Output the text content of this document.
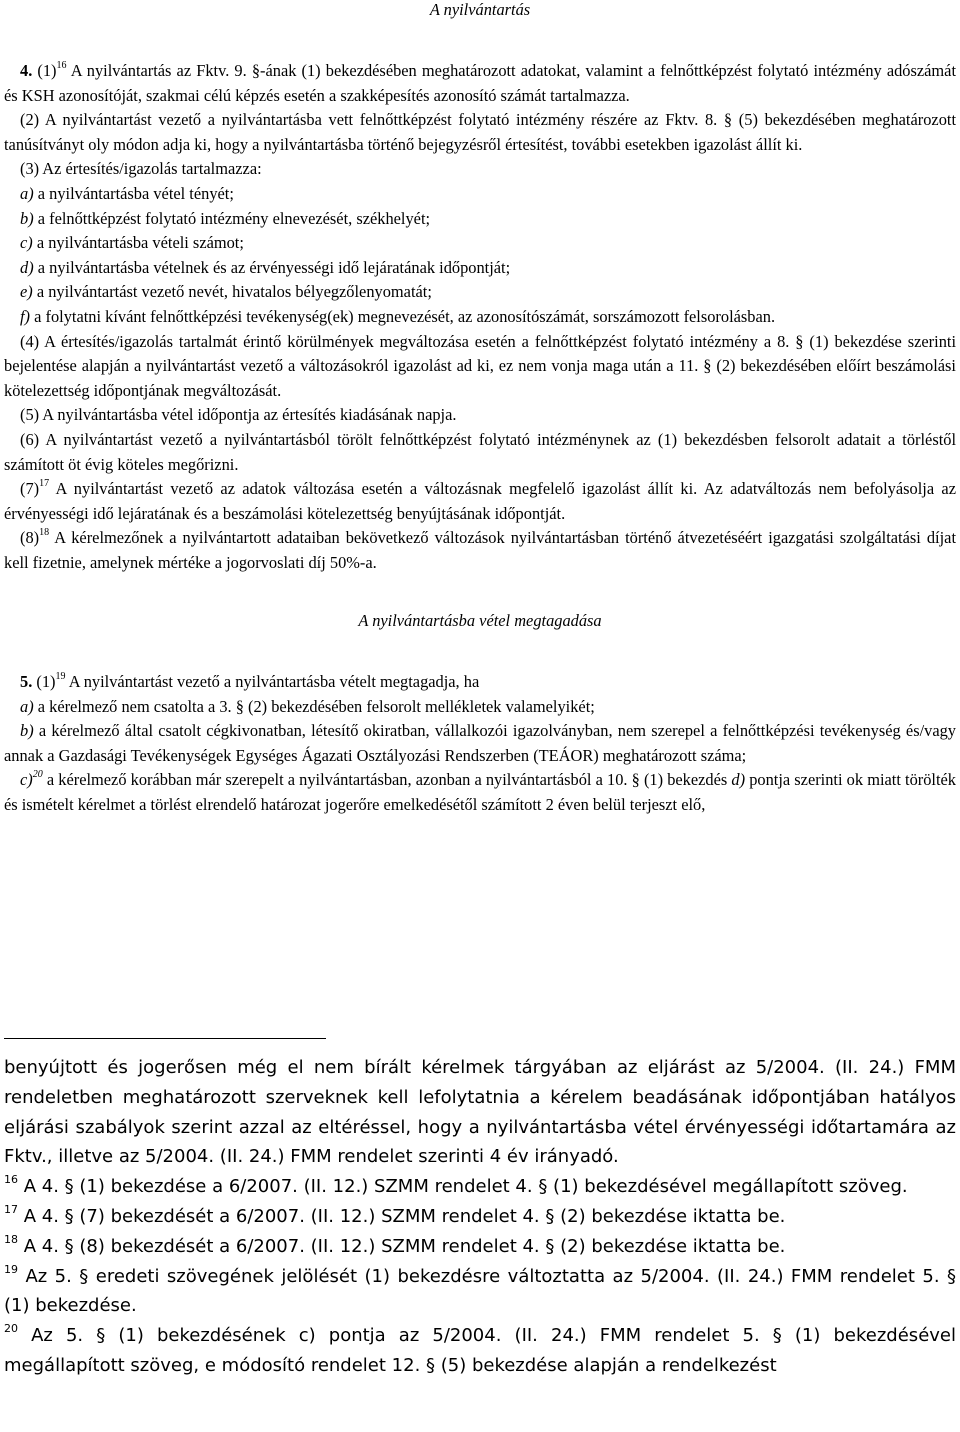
A nyilvántartás

4. $(1)^{16}$ A nyilvántartás az Fktv. 9. §-ának (1) bekezdésében meghatározott adatokat, valamint a felnőttképzést folytató intézmény adószámát és KSH azonosítóját, szakmai célú képzés esetén a szakképesítés azonosító számát tartalmazza.

(2) A nyilvántartást vezető a nyilvántartásba vett felnőttképzést folytató intézmény részére az Fktv. 8. § (5) bekezdésében meghatározott tanúsítványt oly módon adja ki, hogy a nyilvántartásba történő bejegyzésről értesítést, további esetekben igazolást állít ki.

(3) Az értesítés/igazolás tartalmazza:

a) a nyilvántartásba vétel tényét;

b) a felnőttképzést folytató intézmény elnevezését, székhelyét;

c) a nyilvántartásba vételi számot;

d) a nyilvántartásba vételnek és az érvényességi idő lejáratának időpontját;

e) a nyilvántartást vezető nevét, hivatalos bélyegzőlenyomatát;

f) a folytatni kívánt felnőttképzési tevékenység(ek) megnevezését, az azonosítószámát, sorszámozott felsorolásban.

(4) A értesítés/igazolás tartalmát érintő körülmények megváltozása esetén a felnőttképzést folytató intézmény a 8. § (1) bekezdése szerinti bejelentése alapján a nyilvántartást vezető a változásokról igazolást ad ki, ez nem vonja maga után a 11. § (2) bekezdésében előírt beszámolási kötelezettség időpontjának megváltozását.

(5) A nyilvántartásba vétel időpontja az értesítés kiadásának napja.

(6) A nyilvántartást vezető a nyilvántartásból törölt felnőttképzést folytató intézménynek az (1) bekezdésben felsorolt adatait a törléstől számított öt évig köteles megőrizni.

$(7)^{17}$ A nyilvántartást vezető az adatok változása esetén a változásnak megfelelő igazolást állít ki. Az adatváltozás nem befolyásolja az érvényességi idő lejáratának és a beszámolási kötelezettség benyújtásának időpontját.

$(8)^{18}$ A kérelmezőnek a nyilvántartott adataiban bekövetkező változások nyilvántartásban történő átvezetéséért igazgatási szolgáltatási díjat kell fizetnie, amelynek mértéke a jogorvoslati díj 50%-a.

A nyilvántartásba vétel megtagadása

5. $(1)^{19}$ A nyilvántartást vezető a nyilvántartásba vételt megtagadja, ha

a) a kérelmező nem csatolta a 3. § (2) bekezdésében felsorolt mellékletek valamelyikét;

b) a kérelmező által csatolt cégkivonatban, létesítő okiratban, vállalkozói igazolványban, nem szerepel a felnőttképzési tevékenység és/vagy annak a Gazdasági Tevékenységek Egységes Ágazati Osztályozási Rendszerben (TEÁOR) meghatározott száma;

c)$^{20}$ a kérelmező korábban már szerepelt a nyilvántartásban, azonban a nyilvántartásból a 10. § (1) bekezdés d) pontja szerinti ok miatt törölték és ismételt kérelmet a törlést elrendelő határozat jogerőre emelkedésétől számított 2 éven belül terjeszt elő,

benyújtott és jogerősen még el nem bírált kérelmek tárgyában az eljárást az 5/2004. (II. 24.) FMM rendeletben meghatározott szerveknek kell lefolytatnia a kérelem beadásának időpontjában hatályos eljárási szabályok szerint azzal az eltéréssel, hogy a nyilvántartásba vétel érvényességi időtartamára az Fktv., illetve az 5/2004. (II. 24.) FMM rendelet szerinti 4 év irányadó.

$^{16}$ A 4. § (1) bekezdése a 6/2007. (II. 12.) SZMM rendelet 4. § (1) bekezdésével megállapított szöveg.

$^{17}$ A 4. § (7) bekezdését a 6/2007. (II. 12.) SZMM rendelet 4. § (2) bekezdése iktatta be.

$^{18}$ A 4. § (8) bekezdését a 6/2007. (II. 12.) SZMM rendelet 4. § (2) bekezdése iktatta be.

$^{19}$ Az 5. § eredeti szövegének jelölését (1) bekezdésre változtatta az 5/2004. (II. 24.) FMM rendelet 5. § (1) bekezdése.

$^{20}$ Az 5. § (1) bekezdésének c) pontja az 5/2004. (II. 24.) FMM rendelet 5. § (1) bekezdésével megállapított szöveg, e módosító rendelet 12. § (5) bekezdése alapján a rendelkezést
